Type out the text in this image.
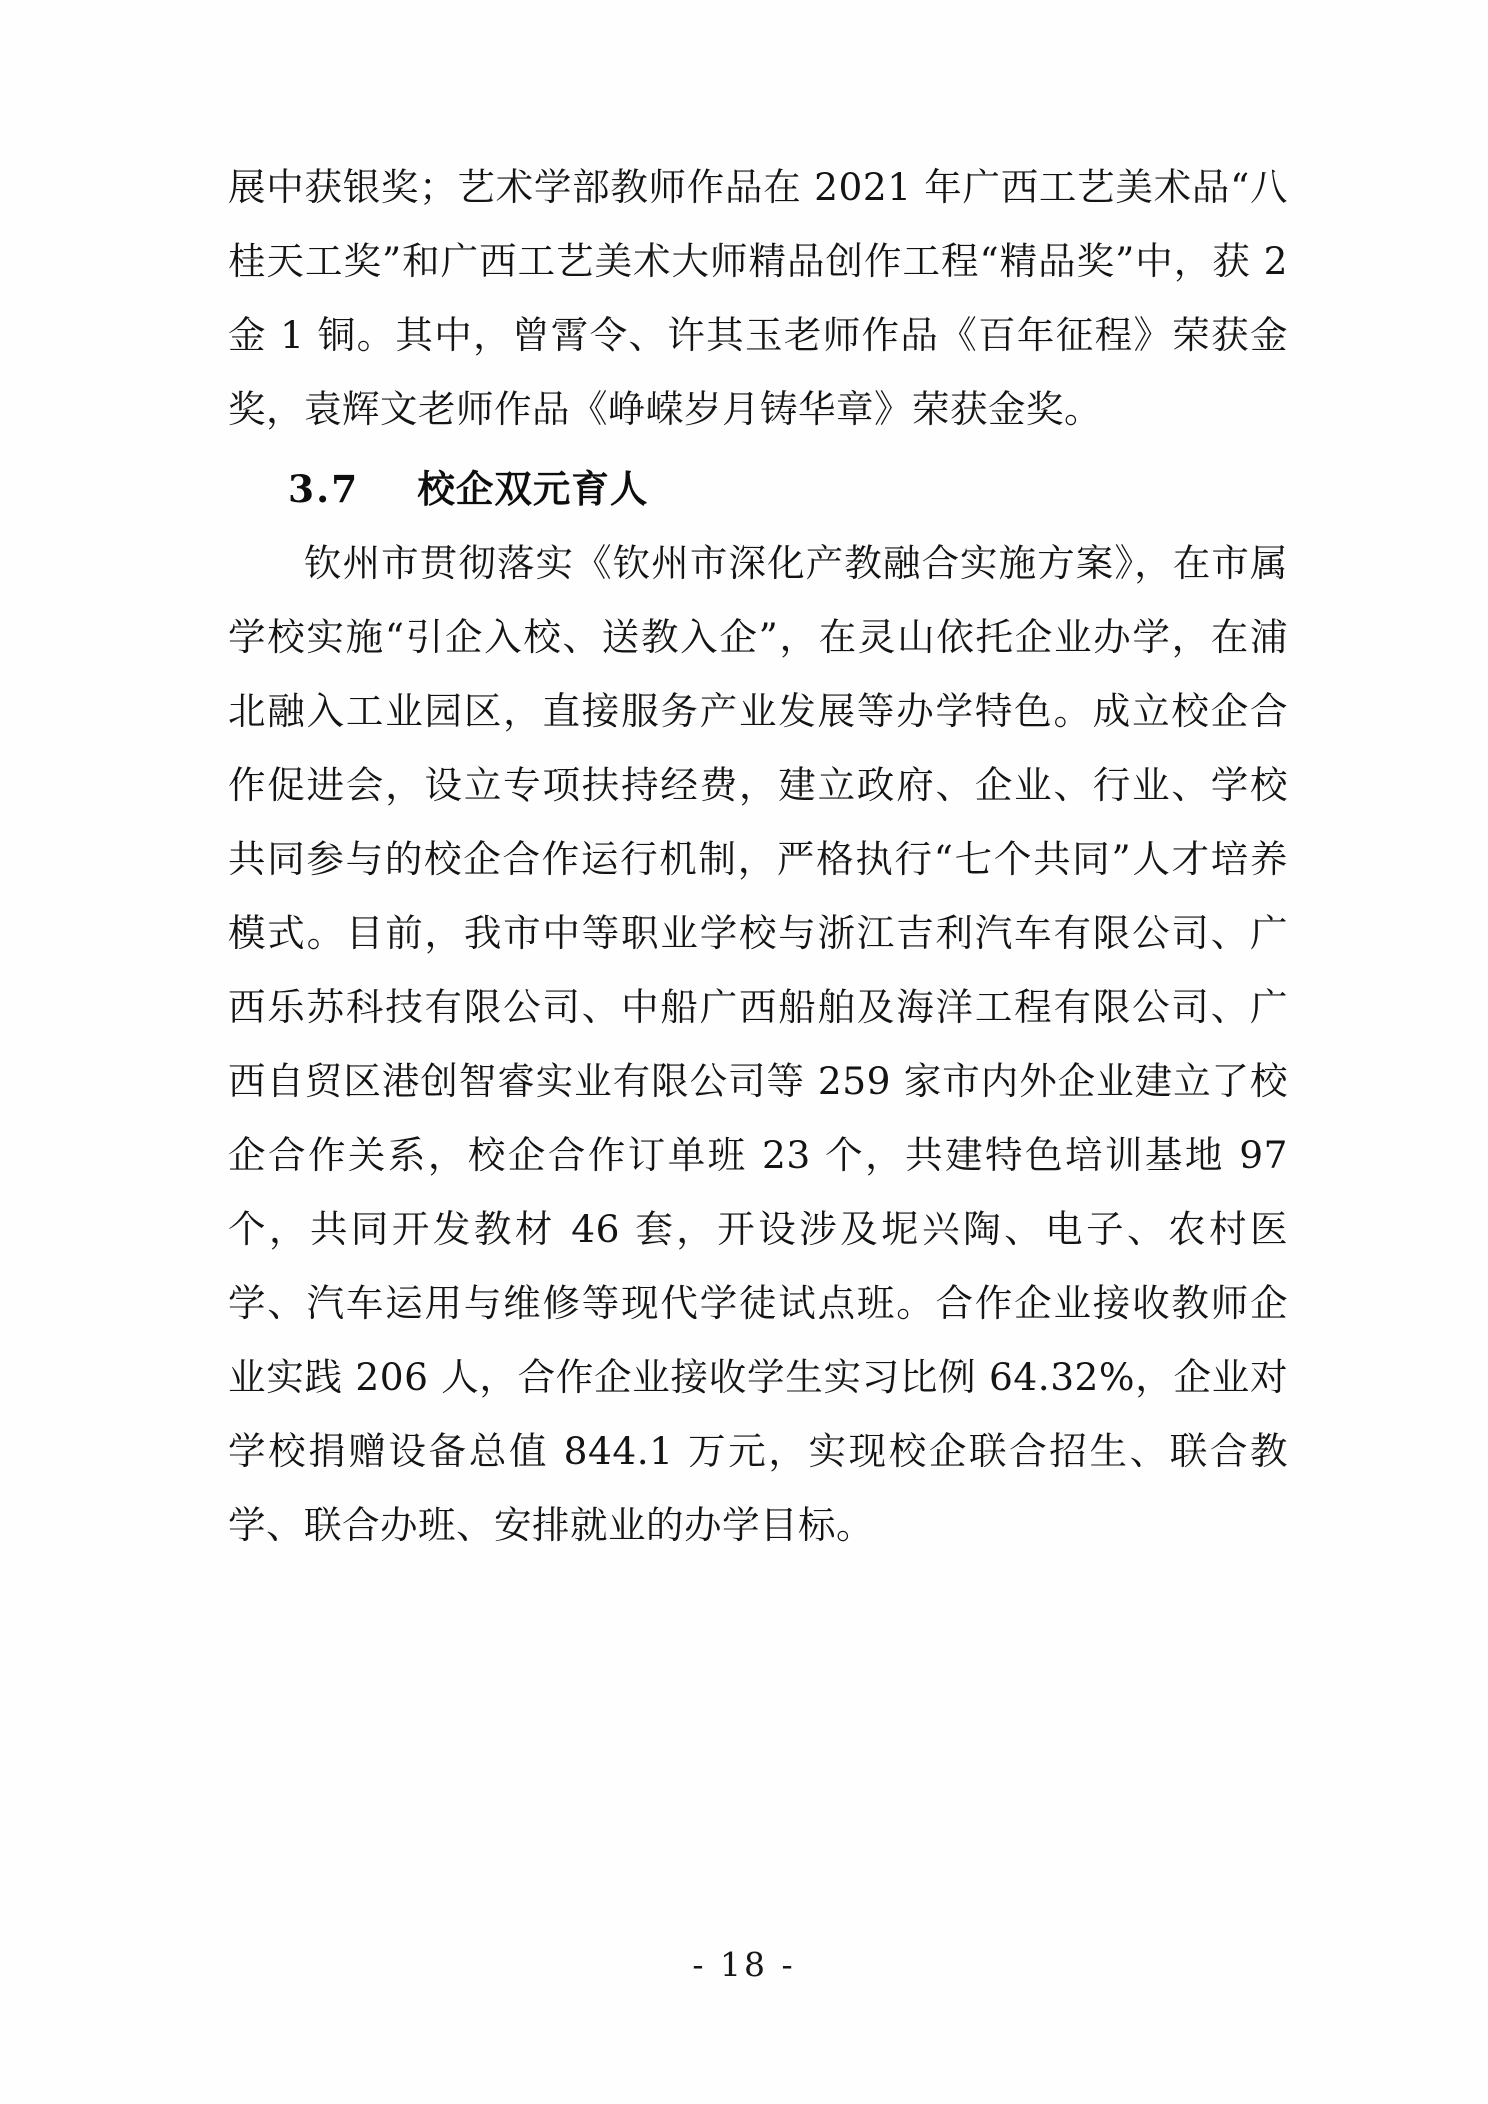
展中获银奖；艺术学部教师作品在 2021 年广西工艺美术品“八桂天工奖”和广西工艺美术大师精品创作工程“精品奖”中，获 2 金 1 铜。其中，曾霄令、许其玉老师作品《百年征程》荣获金奖，袁辉文老师作品《峥嵘岁月铸华章》荣获金奖。

3.7 校企双元育人

钦州市贯彻落实《钦州市深化产教融合实施方案》，在市属学校实施“引企入校、送教入企”，在灵山依托企业办学，在浦北融入工业园区，直接服务产业发展等办学特色。成立校企合作促进会，设立专项扶持经费，建立政府、企业、行业、学校共同参与的校企合作运行机制，严格执行“七个共同”人才培养模式。目前，我市中等职业学校与浙江吉利汽车有限公司、广西乐苏科技有限公司、中船广西船舶及海洋工程有限公司、广西自贸区港创智睿实业有限公司等 259 家市内外企业建立了校企合作关系，校企合作订单班 23 个，共建特色培训基地 97 个，共同开发教材 46 套，开设涉及坭兴陶、电子、农村医学、汽车运用与维修等现代学徒试点班。合作企业接收教师企业实践 206 人，合作企业接收学生实习比例 64.32%，企业对学校捐赠设备总值 844.1 万元，实现校企联合招生、联合教学、联合办班、安排就业的办学目标。

- 18 -
